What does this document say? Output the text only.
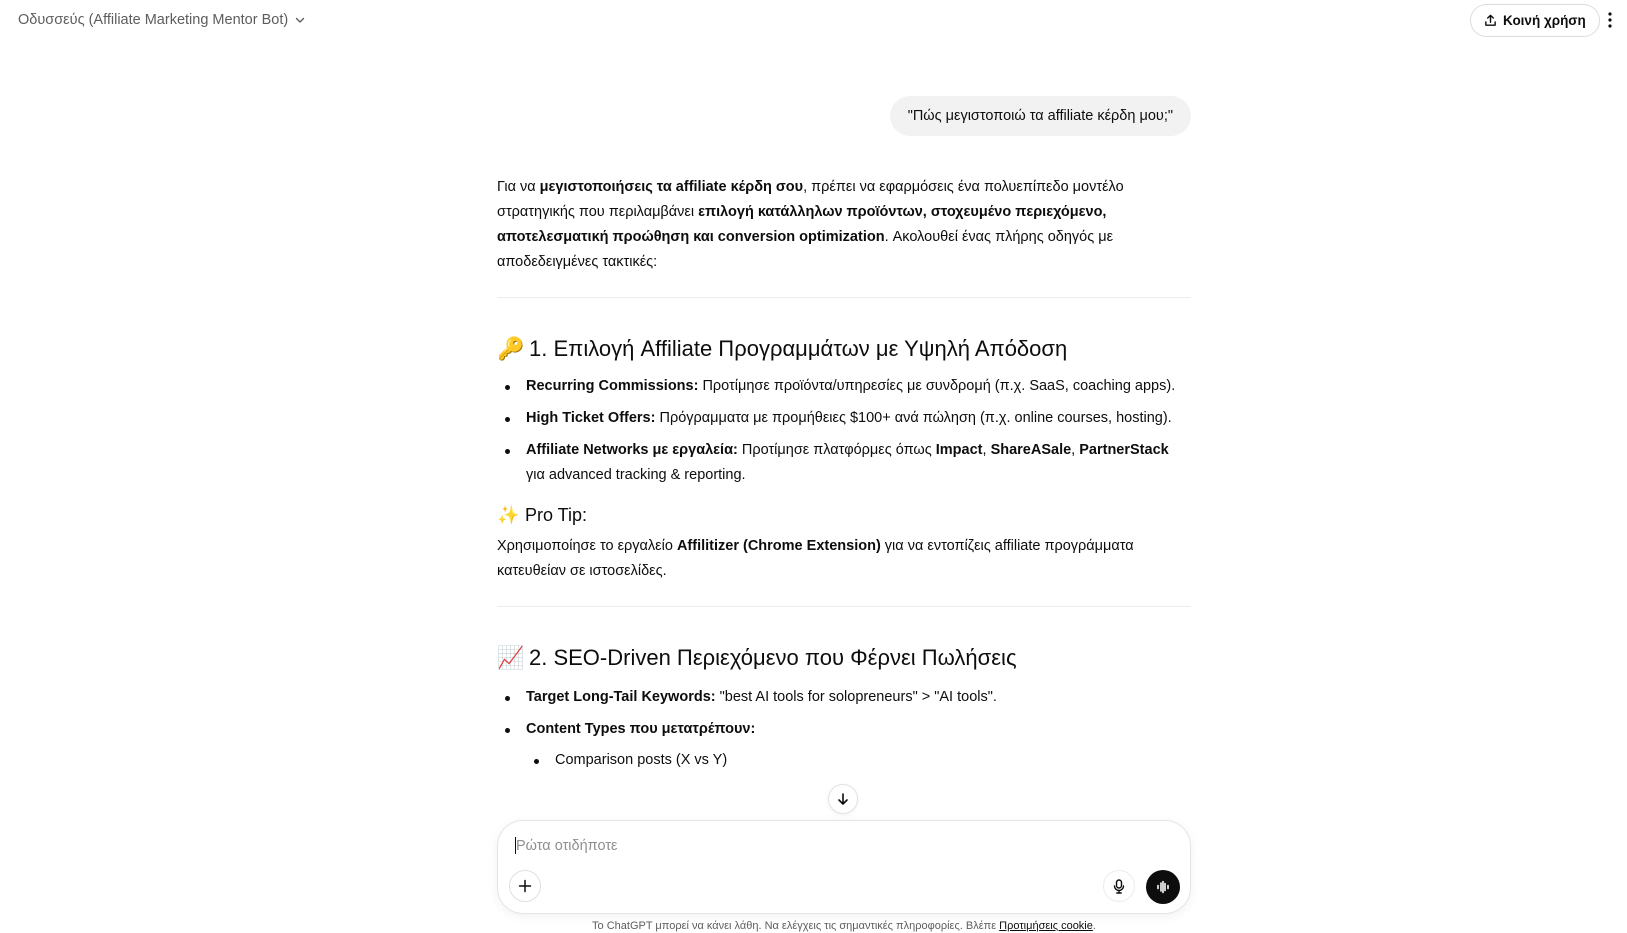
Οδυσσεύς (Affiliate Marketing Mentor Bot)	Κοινή χρήση
"Πώς μεγιστοποιώ τα affiliate κέρδη μου;"

Για να μεγιστοποιήσεις τα affiliate κέρδη σου, πρέπει να εφαρμόσεις ένα πολυεπίπεδο μοντέλο στρατηγικής που περιλαμβάνει επιλογή κατάλληλων προϊόντων, στοχευμένο περιεχόμενο, αποτελεσματική προώθηση και conversion optimization. Ακολουθεί ένας πλήρης οδηγός με αποδεδειγμένες τακτικές:

🔑 1. Επιλογή Affiliate Προγραμμάτων με Υψηλή Απόδοση
Recurring Commissions: Προτίμησε προϊόντα/υπηρεσίες με συνδρομή (π.χ. SaaS, coaching apps).
High Ticket Offers: Πρόγραμματα με προμήθειες $100+ ανά πώληση (π.χ. online courses, hosting).
Affiliate Networks με εργαλεία: Προτίμησε πλατφόρμες όπως Impact, ShareASale, PartnerStack για advanced tracking & reporting.
✨ Pro Tip:

Χρησιμοποίησε το εργαλείο Affilitizer (Chrome Extension) για να εντοπίζεις affiliate προγράμματα κατευθείαν σε ιστοσελίδες.

📈 2. SEO-Driven Περιεχόμενο που Φέρνει Πωλήσεις
Target Long-Tail Keywords: "best AI tools for solopreneurs" > "AI tools".
Content Types που μετατρέπουν:
Comparison posts (X vs Y)
Ρώτα οτιδήποτε
Το ChatGPT μπορεί να κάνει λάθη. Να ελέγχεις τις σημαντικές πληροφορίες. Βλέπε Προτιμήσεις cookie.
